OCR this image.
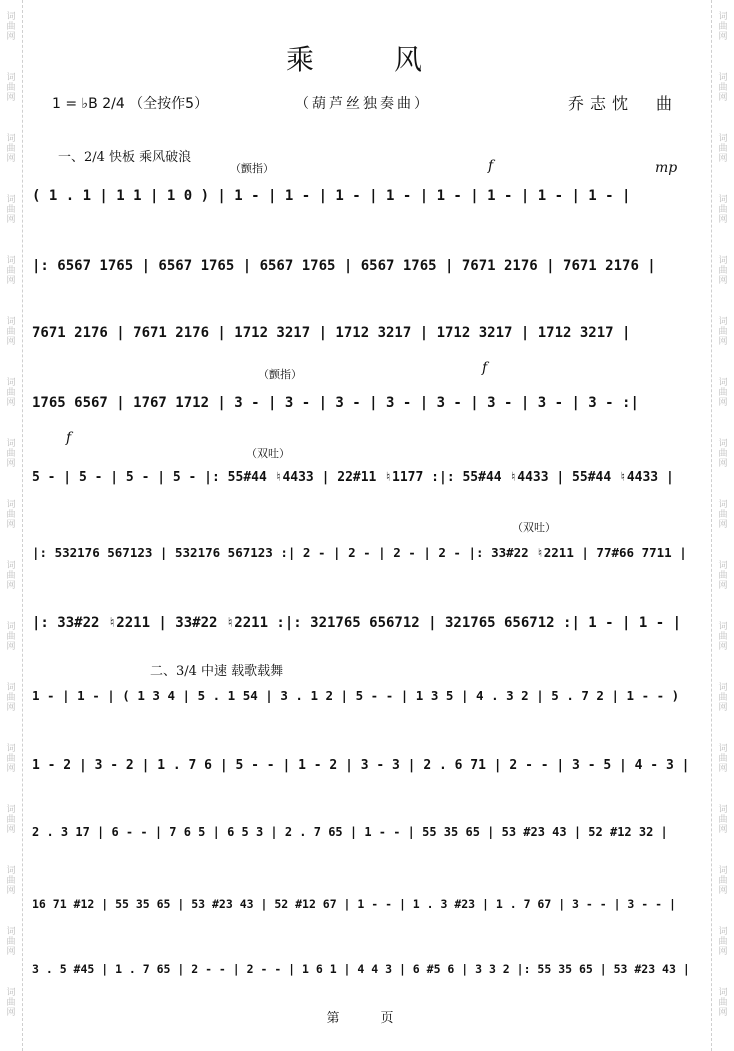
词
曲
网
词
曲
网
词
曲
网
词
曲
网
词
曲
网
词
曲
网
词
曲
网
词
曲
网
词
曲
网
词
曲
网
词
曲
网
词
曲
网
词
曲
网
词
曲
网
词
曲
网
词
曲
网
词
曲
网
词
曲
网
词
曲
网
词
曲
网
词
曲
网
词
曲
网
词
曲
网
词
曲
网
词
曲
网
词
曲
网
词
曲
网
词
曲
网
词
曲
网
词
曲
网
词
曲
网
词
曲
网
词
曲
网
词
曲
网
乘　风
1 = ♭B 2/4 （全按作5）	（葫芦丝独奏曲）	乔志忱　曲
一、2/4 快板 乘风破浪
二、3/4 中速 载歌载舞
（颤指）	f	mp
（颤指）	f
f
（双吐）
（双吐）
( 1 . 1 | 1 1 | 1 0 ) | 1 - | 1 - | 1 - | 1 - | 1 - | 1 - | 1 - | 1 - |
|: 6567 1765 | 6567 1765 | 6567 1765 | 6567 1765 | 7671 2176 | 7671 2176 |
7671 2176 | 7671 2176 | 1712 3217 | 1712 3217 | 1712 3217 | 1712 3217 |
1765 6567 | 1767 1712 | 3 - | 3 - | 3 - | 3 - | 3 - | 3 - | 3 - | 3 - :|
5 - | 5 - | 5 - | 5 - |: 55#44 ♮4433 | 22#11 ♮1177 :|: 55#44 ♮4433 | 55#44 ♮4433 |
|: 532176 567123 | 532176 567123 :| 2 - | 2 - | 2 - | 2 - |: 33#22 ♮2211 | 77#66 7711 |
|: 33#22 ♮2211 | 33#22 ♮2211 :|: 321765 656712 | 321765 656712 :| 1 - | 1 - |
1 - | 1 - | ( 1 3 4 | 5 . 1 54 | 3 . 1 2 | 5 - - | 1 3 5 | 4 . 3 2 | 5 . 7 2 | 1 - - )
1 - 2 | 3 - 2 | 1 . 7 6 | 5 - - | 1 - 2 | 3 - 3 | 2 . 6 71 | 2 - - | 3 - 5 | 4 - 3 |
2 . 3 17 | 6 - - | 7 6 5 | 6 5 3 | 2 . 7 65 | 1 - - | 55 35 65 | 53 #23 43 | 52 #12 32 |
16 71 #12 | 55 35 65 | 53 #23 43 | 52 #12 67 | 1 - - | 1 . 3 #23 | 1 . 7 67 | 3 - - | 3 - - |
3 . 5 #45 | 1 . 7 65 | 2 - - | 2 - - | 1 6 1 | 4 4 3 | 6 #5 6 | 3 3 2 |: 55 35 65 | 53 #23 43 |
第　页
